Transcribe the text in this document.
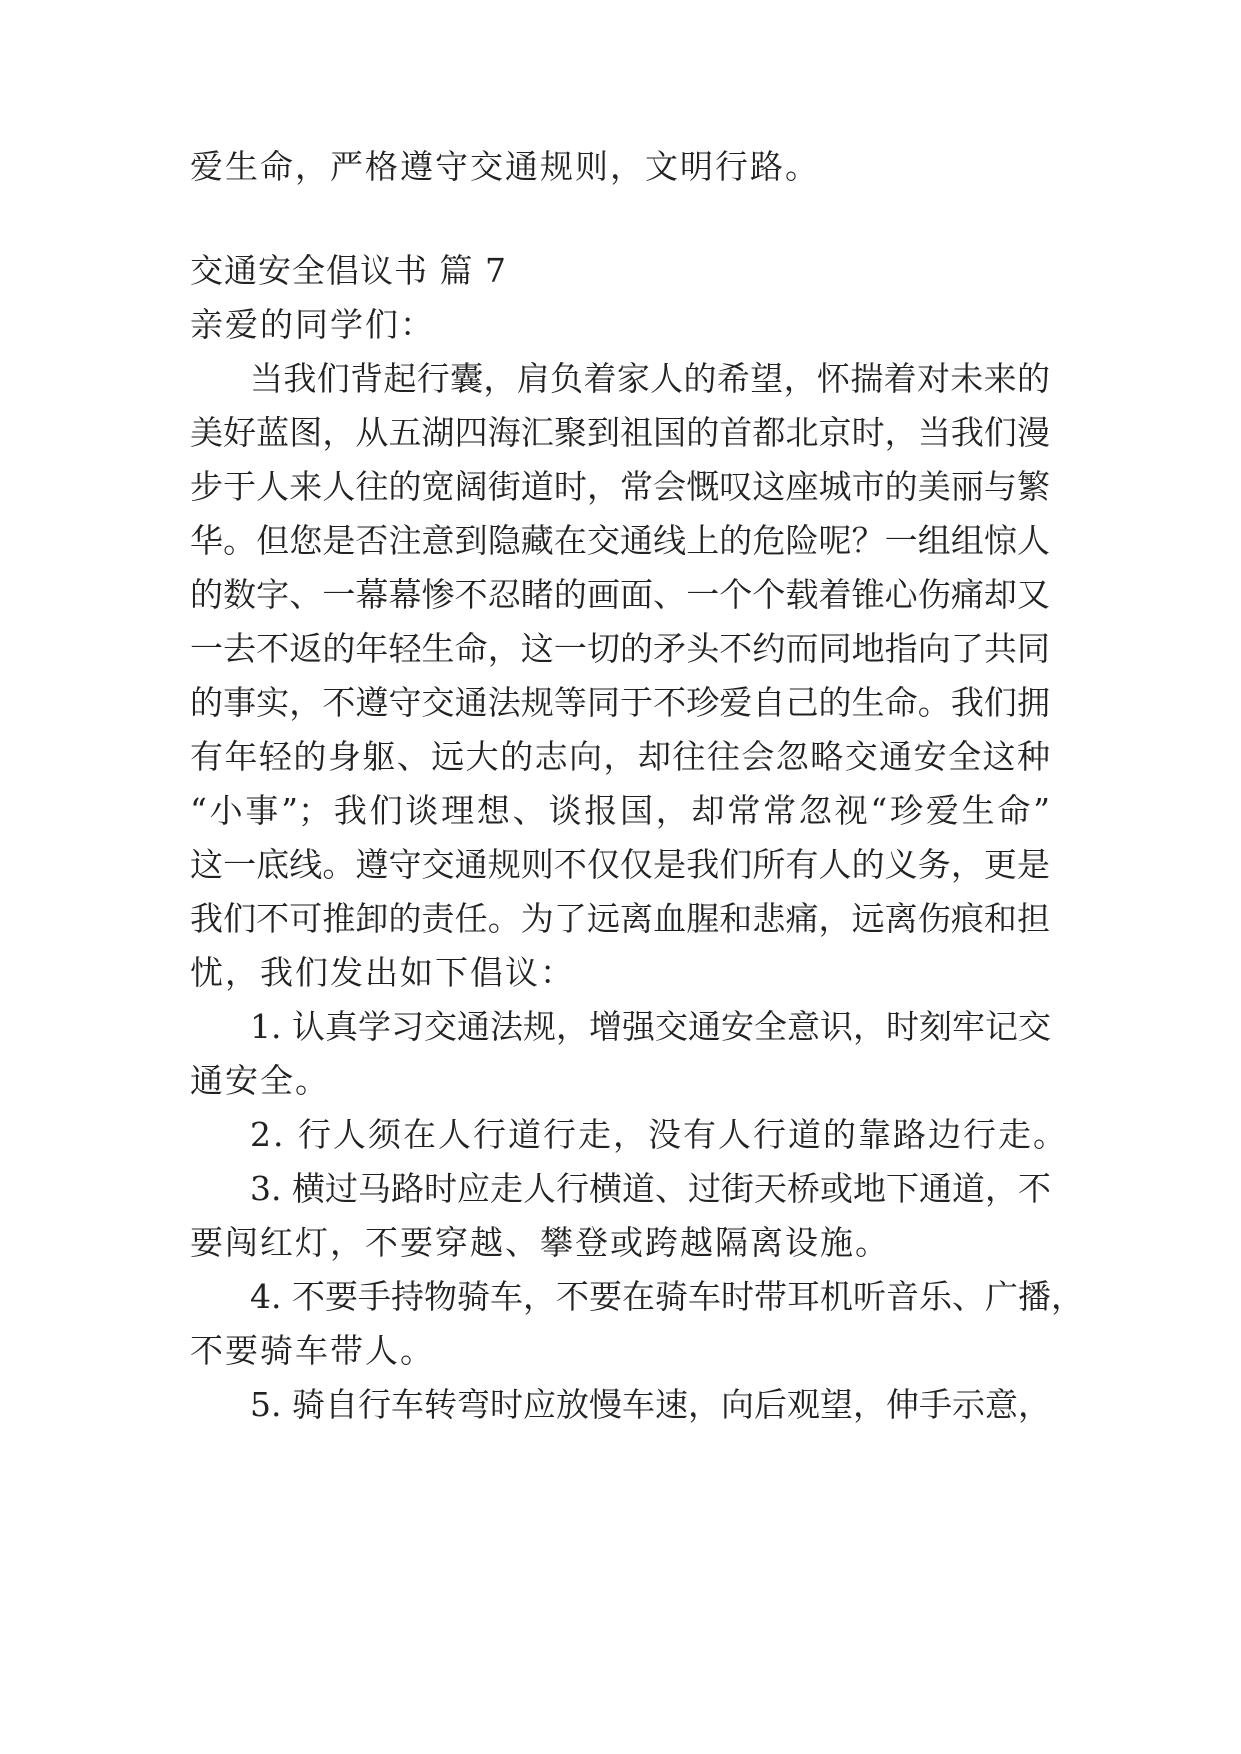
爱生命，严格遵守交通规则，文明行路。
交通安全倡议书 篇 7
亲爱的同学们：
当我们背起行囊，肩负着家人的希望，怀揣着对未来的
美好蓝图，从五湖四海汇聚到祖国的首都北京时，当我们漫
步于人来人往的宽阔街道时，常会慨叹这座城市的美丽与繁
华。但您是否注意到隐藏在交通线上的危险呢？一组组惊人
的数字、一幕幕惨不忍睹的画面、一个个载着锥心伤痛却又
一去不返的年轻生命，这一切的矛头不约而同地指向了共同
的事实，不遵守交通法规等同于不珍爱自己的生命。我们拥
有年轻的身躯、远大的志向，却往往会忽略交通安全这种
“小事”；我们谈理想、谈报国，却常常忽视“珍爱生命”
这一底线。遵守交通规则不仅仅是我们所有人的义务，更是
我们不可推卸的责任。为了远离血腥和悲痛，远离伤痕和担
忧，我们发出如下倡议：
1. 认真学习交通法规，增强交通安全意识，时刻牢记交
通安全。
2. 行人须在人行道行走，没有人行道的靠路边行走。
3. 横过马路时应走人行横道、过街天桥或地下通道，不
要闯红灯，不要穿越、攀登或跨越隔离设施。
4. 不要手持物骑车，不要在骑车时带耳机听音乐、广播，
不要骑车带人。
5. 骑自行车转弯时应放慢车速，向后观望，伸手示意，
